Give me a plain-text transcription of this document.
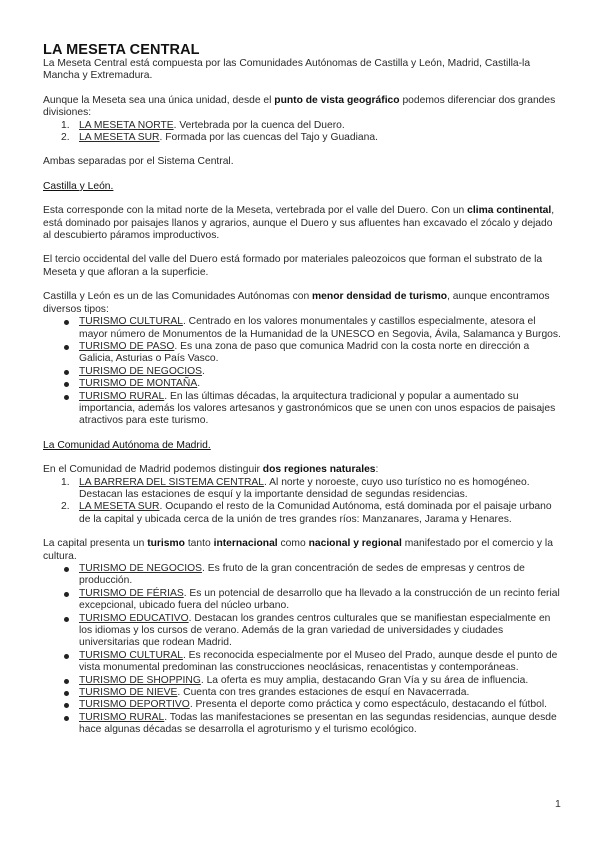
LA MESETA CENTRAL

La Meseta Central está compuesta por las Comunidades Autónomas de Castilla y León, Madrid, Castilla-la Mancha y Extremadura.

Aunque la Meseta sea una única unidad, desde el punto de vista geográfico podemos diferenciar dos grandes divisiones:

1. LA MESETA NORTE. Vertebrada por la cuenca del Duero.
2. LA MESETA SUR. Formada por las cuencas del Tajo y Guadiana.

Ambas separadas por el Sistema Central.

Castilla y León.

Esta corresponde con la mitad norte de la Meseta, vertebrada por el valle del Duero. Con un clima continental, está dominado por paisajes llanos y agrarios, aunque el Duero y sus afluentes han excavado el zócalo y dejado al descubierto páramos improductivos.

El tercio occidental del valle del Duero está formado por materiales paleozoicos que forman el substrato de la Meseta y que afloran a la superficie.

Castilla y León es un de las Comunidades Autónomas con menor densidad de turismo, aunque encontramos diversos tipos:

TURISMO CULTURAL. Centrado en los valores monumentales y castillos especialmente, atesora el mayor número de Monumentos de la Humanidad de la UNESCO en Segovia, Ávila, Salamanca y Burgos.
TURISMO DE PASO. Es una zona de paso que comunica Madrid con la costa norte en dirección a Galicia, Asturias o País Vasco.
TURISMO DE NEGOCIOS.
TURISMO DE MONTAÑA.
TURISMO RURAL. En las últimas décadas, la arquitectura tradicional y popular a aumentado su importancia, además los valores artesanos y gastronómicos que se unen con unos espacios de paisajes atractivos para este turismo.

La Comunidad Autónoma de Madrid.

En el Comunidad de Madrid podemos distinguir dos regiones naturales:

1. LA BARRERA DEL SISTEMA CENTRAL. Al norte y noroeste, cuyo uso turístico no es homogéneo. Destacan las estaciones de esquí y la importante densidad de segundas residencias.
2. LA MESETA SUR. Ocupando el resto de la Comunidad Autónoma, está dominada por el paisaje urbano de la capital y ubicada cerca de la unión de tres grandes ríos: Manzanares, Jarama y Henares.

La capital presenta un turismo tanto internacional como nacional y regional manifestado por el comercio y la cultura.

TURISMO DE NEGOCIOS. Es fruto de la gran concentración de sedes de empresas y centros de producción.
TURISMO DE FÉRIAS. Es un potencial de desarrollo que ha llevado a la construcción de un recinto ferial excepcional, ubicado fuera del núcleo urbano.
TURISMO EDUCATIVO. Destacan los grandes centros culturales que se manifiestan especialmente en los idiomas y los cursos de verano. Además de la gran variedad de universidades y ciudades universitarias que rodean Madrid.
TURISMO CULTURAL. Es reconocida especialmente por el Museo del Prado, aunque desde el punto de vista monumental predominan las construcciones neoclásicas, renacentistas y contemporáneas.
TURISMO DE SHOPPING. La oferta es muy amplia, destacando Gran Vía y su área de influencia.
TURISMO DE NIEVE. Cuenta con tres grandes estaciones de esquí en Navacerrada.
TURISMO DEPORTIVO. Presenta el deporte como práctica y como espectáculo, destacando el fútbol.
TURISMO RURAL. Todas las manifestaciones se presentan en las segundas residencias, aunque desde hace algunas décadas se desarrolla el agroturismo y el turismo ecológico.
1
